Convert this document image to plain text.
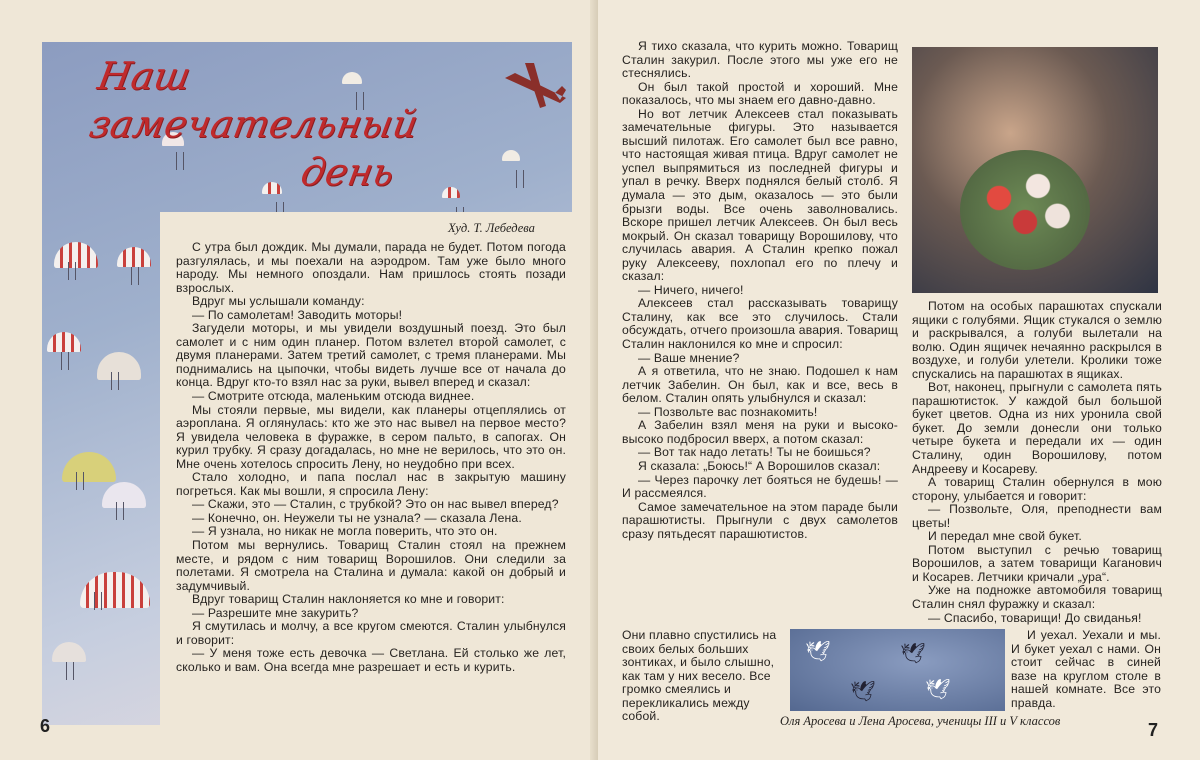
Наш замечательный
день
Худ. Т. Лебедева

С утра был дождик. Мы думали, парада не будет. Потом погода разгулялась, и мы поехали на аэродром. Там уже было много народу. Мы немного опоздали. Нам пришлось стоять позади взрослых.

Вдруг мы услышали команду:

— По самолетам! Заводить моторы!

Загудели моторы, и мы увидели воздушный поезд. Это был самолет и с ним один планер. Потом взлетел второй самолет, с двумя планерами. Затем третий самолет, с тремя планерами. Мы поднимались на цыпочки, чтобы видеть лучше все от начала до конца. Вдруг кто-то взял нас за руки, вывел вперед и сказал:

— Смотрите отсюда, маленьким отсюда виднее.

Мы стояли первые, мы видели, как планеры отцеплялись от аэроплана. Я оглянулась: кто же это нас вывел на первое место? Я увидела человека в фуражке, в сером пальто, в сапогах. Он курил трубку. Я сразу догадалась, но мне не верилось, что это он. Мне очень хотелось спросить Лену, но неудобно при всех.

Стало холодно, и папа послал нас в закрытую машину погреться. Как мы вошли, я спросила Лену:

— Скажи, это — Сталин, с трубкой? Это он нас вывел вперед?

— Конечно, он. Неужели ты не узнала? — сказала Лена.

— Я узнала, но никак не могла поверить, что это он.

Потом мы вернулись. Товарищ Сталин стоял на прежнем месте, и рядом с ним товарищ Ворошилов. Они следили за полетами. Я смотрела на Сталина и думала: какой он добрый и задумчивый.

Вдруг товарищ Сталин наклоняется ко мне и говорит:

— Разрешите мне закурить?

Я смутилась и молчу, а все кругом смеются. Сталин улыбнулся и говорит:

— У меня тоже есть девочка — Светлана. Ей столько же лет, сколько и вам. Она всегда мне разрешает и есть и курить.

6

Я тихо сказала, что курить можно. Товарищ Сталин закурил. После этого мы уже его не стеснялись.

Он был такой простой и хороший. Мне показалось, что мы знаем его давно-давно.

Но вот летчик Алексеев стал показывать замечательные фигуры. Это называется высший пилотаж. Его самолет был все равно, что настоящая живая птица. Вдруг самолет не успел выпрямиться из последней фигуры и упал в речку. Вверх поднялся белый столб. Я думала — это дым, оказалось — это были брызги воды. Все очень заволновались. Вскоре пришел летчик Алексеев. Он был весь мокрый. Он сказал товарищу Ворошилову, что случилась авария. А Сталин крепко пожал руку Алексееву, похлопал его по плечу и сказал:

— Ничего, ничего!

Алексеев стал рассказывать товарищу Сталину, как все это случилось. Стали обсуждать, отчего произошла авария. Товарищ Сталин наклонился ко мне и спросил:

— Ваше мнение?

А я ответила, что не знаю. Подошел к нам летчик Забелин. Он был, как и все, весь в белом. Сталин опять улыбнулся и сказал:

— Позвольте вас познакомить!

А Забелин взял меня на руки и высоко-высоко подбросил вверх, а потом сказал:

— Вот так надо летать! Ты не боишься?

Я сказала: „Боюсь!“ А Ворошилов сказал:

— Через парочку лет бояться не будешь! — И рассмеялся.

Самое замечательное на этом параде были парашютисты. Прыгнули с двух самолетов сразу пятьдесят парашютистов.

Они плавно спустились на своих белых больших зонтиках, и было слышно, как там у них весело. Все громко смеялись и перекликались между собой.

Потом на особых парашютах спускали ящики с голубями. Ящик стукался о землю и раскрывался, а голуби вылетали на волю. Один ящичек нечаянно раскрылся в воздухе, и голуби улетели. Кролики тоже спускались на парашютах в ящиках.

Вот, наконец, прыгнули с самолета пять парашютисток. У каждой был большой букет цветов. Одна из них уронила свой букет. До земли донесли они только четыре букета и передали их — один Сталину, один Ворошилову, потом Андрееву и Косареву.

А товарищ Сталин обернулся в мою сторону, улыбается и говорит:

— Позвольте, Оля, преподнести вам цветы!

И передал мне свой букет.

Потом выступил с речью товарищ Ворошилов, а затем товарищи Каганович и Косарев. Летчики кричали „ура“.

Уже на подножке автомобиля товарищ Сталин снял фуражку и сказал:

— Спасибо, товарищи! До свиданья!

🕊	🕊
🕊 🕊

И уехал. Уехали и мы. И букет уехал с нами. Он стоит сейчас в синей вазе на круглом столе в нашей комнате. Все это правда.

Оля Аросева и Лена Аросева, ученицы III и V классов	7
